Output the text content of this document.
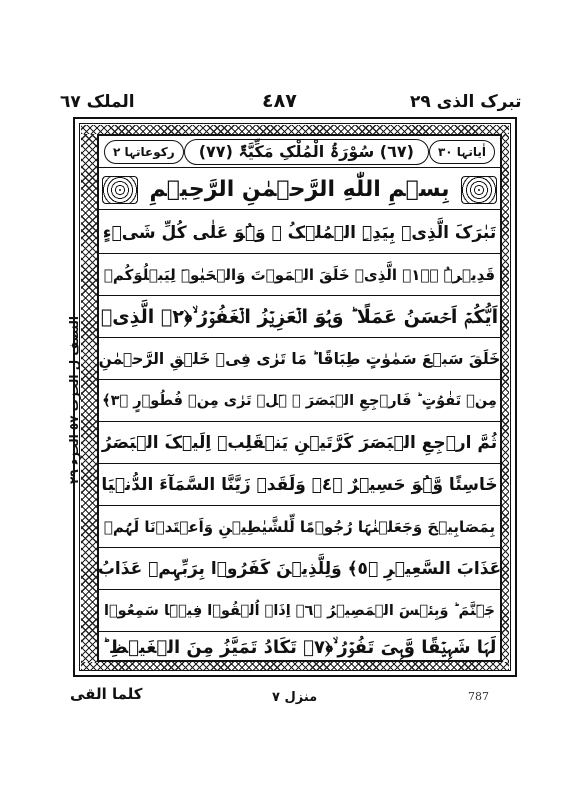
الملک ٦٧	٤٨٧	تبرک الذی ٢٩
النصف ل الحزب ٥٧ الجزء ٢٩
رکوعاتہا ٢	(٦٧) سُوْرَۃُ الْمُلْکِ مَکِّیَّۃٌ (٧٧)	اٰیاتہا ٣٠
بِسۡمِ اللّٰهِ الرَّحۡمٰنِ الرَّحِيۡمِ
تَبٰرَکَ الَّذِیۡ بِیَدِہِ الۡمُلۡکُ ۡ وَہُوَ عَلٰی کُلِّ شَیۡءٍ
قَدِیۡرُۨ ۙ﴿١﴾ الَّذِیۡ خَلَقَ الۡمَوۡتَ وَالۡحَیٰوۃَ لِیَبۡلُوَکُمۡ
اَیُّکُمۡ اَحۡسَنُ عَمَلًا ؕ وَہُوَ الۡعَزِیۡزُ الۡغَفُوۡرُ ۙ﴿٢﴾ الَّذِیۡ
خَلَقَ سَبۡعَ سَمٰوٰتٍ طِبَاقًا ؕ مَا تَرٰی فِیۡ خَلۡقِ الرَّحۡمٰنِ
مِنۡ تَفٰوُتٍ ؕ فَارۡجِعِ الۡبَصَرَ ۙ ہَلۡ تَرٰی مِنۡ فُطُوۡرٍ ﴿٣﴾
ثُمَّ ارۡجِعِ الۡبَصَرَ کَرَّتَیۡنِ یَنۡقَلِبۡ اِلَیۡکَ الۡبَصَرُ
خَاسِئًا وَّہُوَ حَسِیۡرٌ ﴿٤﴾ وَلَقَدۡ زَیَّنَّا السَّمَآءَ الدُّنۡیَا
بِمَصَابِیۡحَ وَجَعَلۡنٰہَا رُجُوۡمًا لِّلشَّیٰطِیۡنِ وَاَعۡتَدۡنَا لَہُمۡ
عَذَابَ السَّعِیۡرِ ﴿٥﴾ وَلِلَّذِیۡنَ کَفَرُوۡا بِرَبِّہِمۡ عَذَابُ
جَہَنَّمَ ؕ وَبِئۡسَ الۡمَصِیۡرُ ﴿٦﴾ اِذَاۤ اُلۡقُوۡا فِیۡہَا سَمِعُوۡا
لَہَا شَہِیۡقًا وَّہِیَ تَفُوۡرُ ۙ﴿٧﴾ تَکَادُ تَمَیَّزُ مِنَ الۡغَیۡظِ ؕ
کلما القی	منزل ٧	787
